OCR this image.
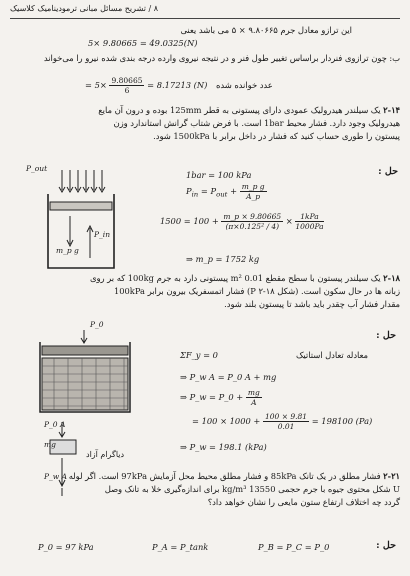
۸ / تشریح مسائل مبانی ترمودینامیک کلاسیک
این ترازو معادل جرم ۹.۸۰۶۶۵ × ۵ می باشد یعنی
5× 9.80665 = 49.0325(N)
ب: چون ترازوی فنردار براساس تغییر طول فنر و در نتیجه نیروی وارده درجه بندی شده نیرو را می‌خواند
= $5\times \frac{9.80665}{6} = 8.17213$ (N) عدد خوانده شده
۲-۱۴ یک سیلندر هیدرولیک عمودی دارای پیستونی به قطر 125mm بوده و درون آن مایع
هیدرولیک وجود دارد. فشار محیط 1bar است. با فرض شتاب گرانش استاندارد وزن
پیستون را طوری حساب کنید که فشار در داخل برابر با 1500kPa شود.
حل :
P_out
P_in
m_p g
1bar = 100 kPa
$P_{in} = P_{out} + \frac{\text{m\_p g}}{A\_p}$
$1500 = 100 + \frac{m\_p \times 9.80665}{\text{(π×0.125² / 4)}} \times \frac{\text{1kPa}}{1000Pa}$
⇒ m_p = 1752 kg
۲-۱۸ یک سیلندر پیستون با سطح مقطع 0.01 m² پیستونی دارد به جرم 100kg که بر روی
زبانه ها در حال سکون است. (شکل P ۲-۱۸) فشار اتمسفریک بیرون برابر 100kPa
مقدار فشار آب چقدر باید باشد تا پیستون بلند شود.
حل :
P_0
P_0 A
mg
P_w A
دیاگرام آزاد
ΣF_y = 0	معادله تعادل استاتیک
⇒ P_w A = P_0 A + mg
⇒ P_w = P_0 + $\frac{mg}{A}$
= $100 \times 1000 + \frac{100 \times 9.81}{0.01} = 198100$ (Pa)
⇒ P_w = 198.1 (kPa)
۲-۲۱ فشار مطلق در یک تانک 85kPa و فشار مطلق محیط محل آزمایش 97kPa است. اگر لوله
U شکل محتوی جیوه با جرم حجمی 13550 kg/m³ برای اندازه‌گیری خلا به تانک وصل
گردد چه اختلاف ارتفاع ستون مایعی را نشان خواهد داد؟
حل :
P_0 = 97 kPa	P_A = P_tank	P_B = P_C = P_0
